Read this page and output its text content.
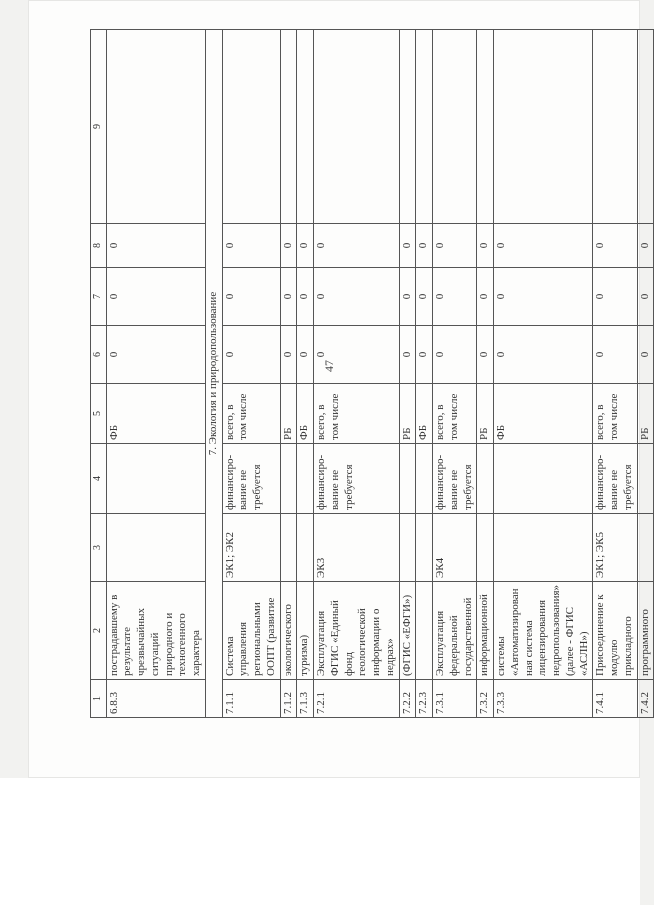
47
1	2	3	4	5	6	7	8	9
6.8.3	пострадавшему в результате чрезвычайных ситуаций природного и техногенного характера			ФБ	0	0	0	
7. Экология и природопользование								
7.1.1	Система управления региональными ООПТ (развитие	ЭК1; ЭК2	финансиро-вание не требуется	всего, в том числе	0	0	0	
7.1.2	экологического			РБ	0	0	0	
7.1.3	туризма)			ФБ	0	0	0	
7.2.1	Эксплуатация ФГИС «Единый фонд геологической информации о недрах»	ЭК3	финансиро-вание не требуется	всего, в том числе	0	0	0	
7.2.2	(ФГИС «ЕФГИ»)			РБ	0	0	0	
7.2.3				ФБ	0	0	0	
7.3.1	Эксплуатация федеральной государственной	ЭК4	финансиро-вание не требуется	всего, в том числе	0	0	0	
7.3.2	информационной			РБ	0	0	0	
7.3.3	системы «Автоматизированная система лицензирования недропользования» (далее - ФГИС «АСЛН»)			ФБ	0	0	0	
7.4.1	Присоединение к модулю прикладного	ЭК1; ЭК5	финансиро-вание не требуется	всего, в том числе	0	0	0	
7.4.2	программного			РБ	0	0	0	
